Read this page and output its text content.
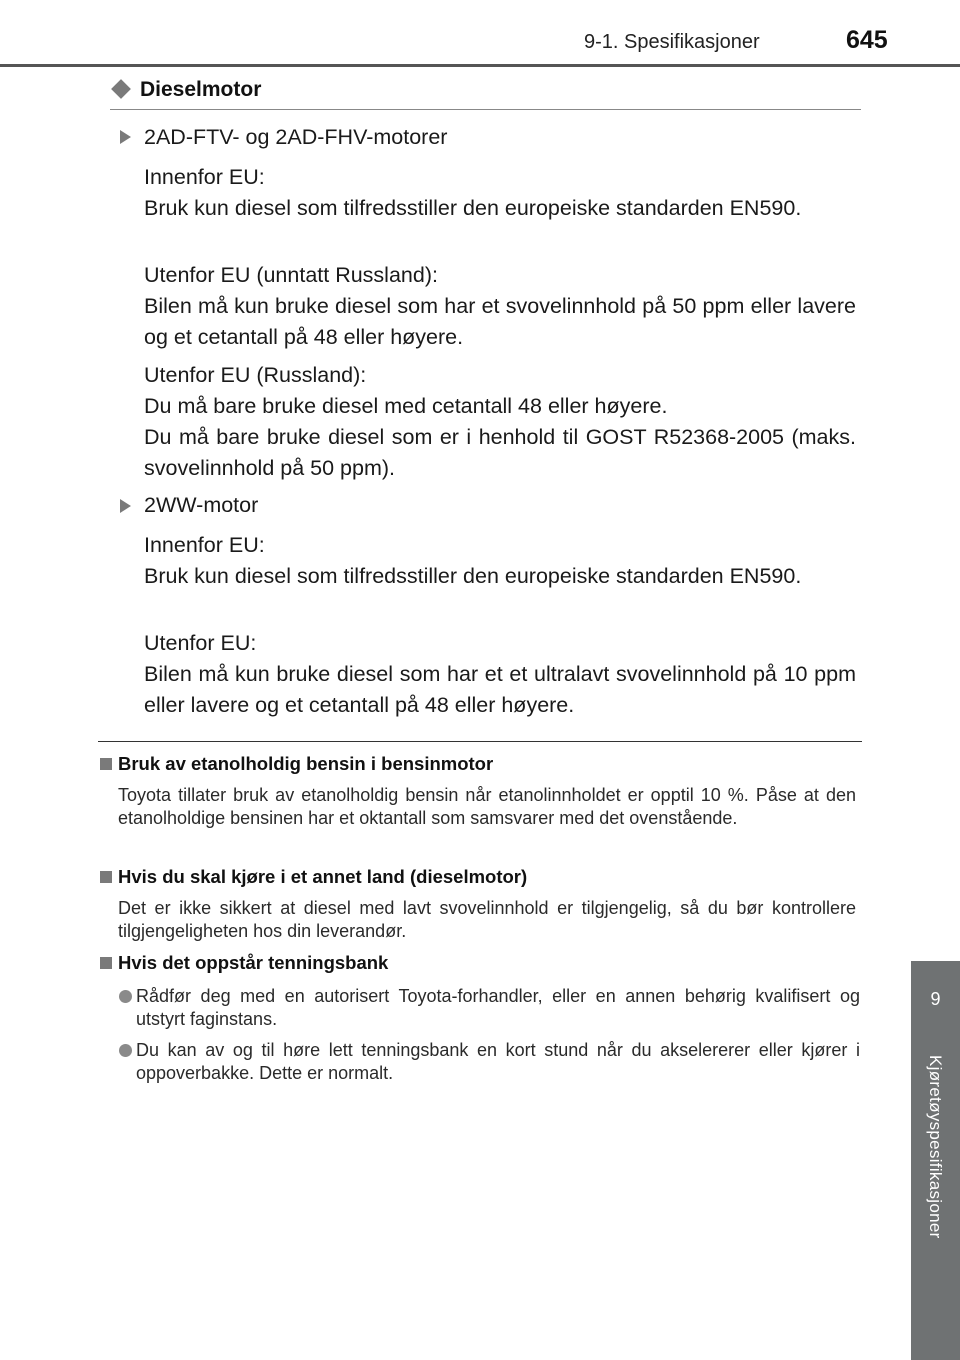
9-1. Spesifikasjoner	645
9
Kjøretøyspesifikasjoner
Dieselmotor
2AD-FTV- og 2AD-FHV-motorer

Innenfor EU:

Bruk kun diesel som tilfredsstiller den europeiske standarden EN590.

Utenfor EU (unntatt Russland):

Bilen må kun bruke diesel som har et svovelinnhold på 50 ppm eller lavere og et cetantall på 48 eller høyere.

Utenfor EU (Russland):

Du må bare bruke diesel med cetantall 48 eller høyere.

Du må bare bruke diesel som er i henhold til GOST R52368-2005 (maks. svovelinnhold på 50 ppm).

2WW-motor

Innenfor EU:

Bruk kun diesel som tilfredsstiller den europeiske standarden EN590.

Utenfor EU:

Bilen må kun bruke diesel som har et et ultralavt svovelinnhold på 10 ppm eller lavere og et cetantall på 48 eller høyere.

Bruk av etanolholdig bensin i bensinmotor

Toyota tillater bruk av etanolholdig bensin når etanolinnholdet er opptil 10 %. Påse at den etanolholdige bensinen har et oktantall som samsvarer med det ovenstående.

Hvis du skal kjøre i et annet land (dieselmotor)

Det er ikke sikkert at diesel med lavt svovelinnhold er tilgjengelig, så du bør kontrollere tilgjengeligheten hos din leverandør.

Hvis det oppstår tenningsbank

Rådfør deg med en autorisert Toyota-forhandler, eller en annen behørig kvalifisert og utstyrt faginstans.

Du kan av og til høre lett tenningsbank en kort stund når du akselererer eller kjører i oppoverbakke. Dette er normalt.
